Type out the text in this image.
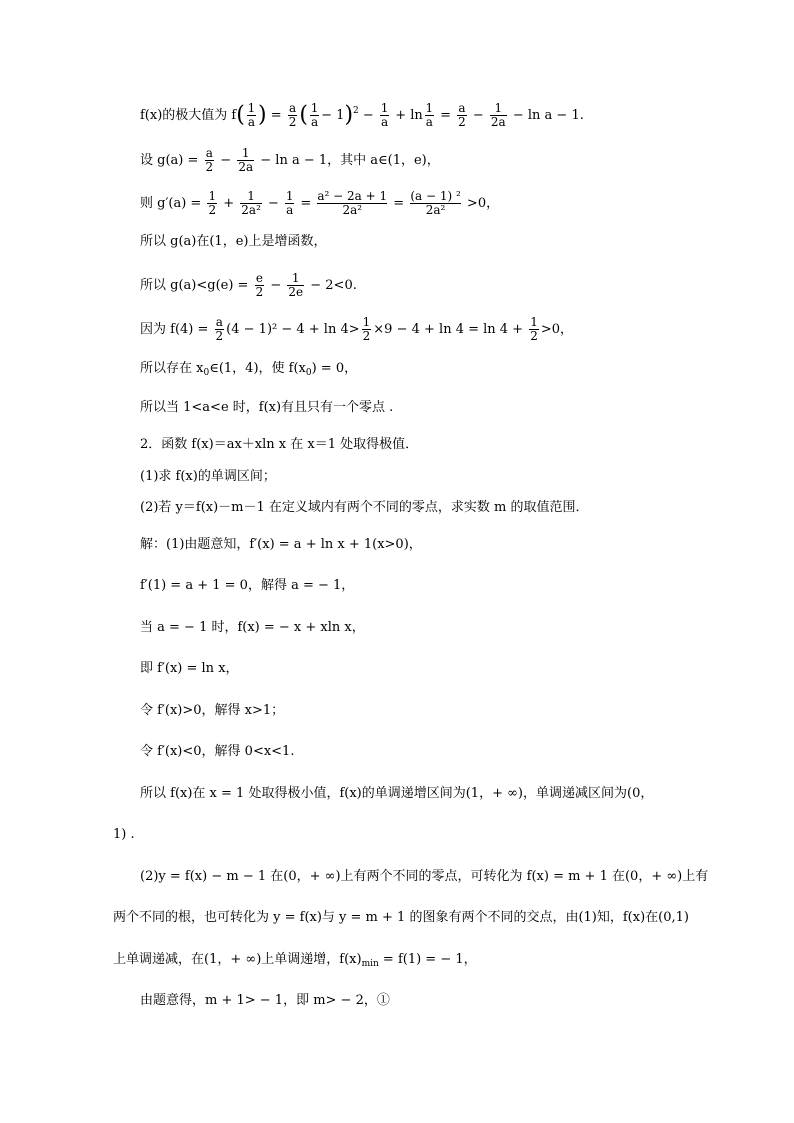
f(x)的极大值为 $f( \frac{1}{a}$ ) = $\frac{a}{2}$ ( $\frac{1}{a} - 1)^2 - \frac{1}{a} + \ln \frac{1}{a} = \frac{a}{2} - \frac{1}{2a} - \ln a - 1$.
设 $g(a) = \frac{a}{2} - \frac{1}{2a} - \ln a - 1$，其中 a∈(1，e)，
则 $g'(a) = \frac{1}{2} + \frac{1}{\text{2a²}} - \frac{1}{a} = \frac{\text{a² − 2a + 1}}{\text{2a²}} = \frac{\text{(a − 1) ²}}{\text{2a²}} >0$，
所以 g(a)在(1，e)上是增函数，
所以 $g(a)<g(e) = \frac{e}{2} - \frac{1}{2e} - 2<0$.
因为 $f(4) = \frac{a}{2} (4 - 1)^2 - 4 + \ln 4> \frac{1}{2} \times 9 - 4 + \ln 4 = \ln 4 + \frac{1}{2} >0$，
所以存在 $x_0\in(1$，4)，使 $f(x_0) = 0$，
所以当 1<a<e 时，f(x)有且只有一个零点 .
2．函数 f(x)＝ax＋xln x 在 x＝1 处取得极值．
(1)求 f(x)的单调区间；
(2)若 y＝f(x)－m－1 在定义域内有两个不同的零点，求实数 m 的取值范围．
解：(1)由题意知，f′(x) = a + ln x + 1(x>0)，
f′(1) = a + 1 = 0，解得 a = − 1，
当 a = − 1 时，f(x) = − x + xln x，
即 f′(x) = ln x，
令 f′(x)>0，解得 x>1；
令 f′(x)<0，解得 0<x<1.
所以 f(x)在 x = 1 处取得极小值，f(x)的单调递增区间为(1，+ ∞)，单调递减区间为(0，
1) .
(2)y = f(x) − m − 1 在(0，+ ∞)上有两个不同的零点，可转化为 f(x) = m + 1 在(0，+ ∞)上有
两个不同的根，也可转化为 y = f(x)与 y = m + 1 的图象有两个不同的交点，由(1)知，f(x)在(0,1)
上单调递减，在(1，+ ∞)上单调递增，$f(x)_{min} = f(1)$ = − 1，
由题意得，m + 1> − 1，即 m> − 2，①
